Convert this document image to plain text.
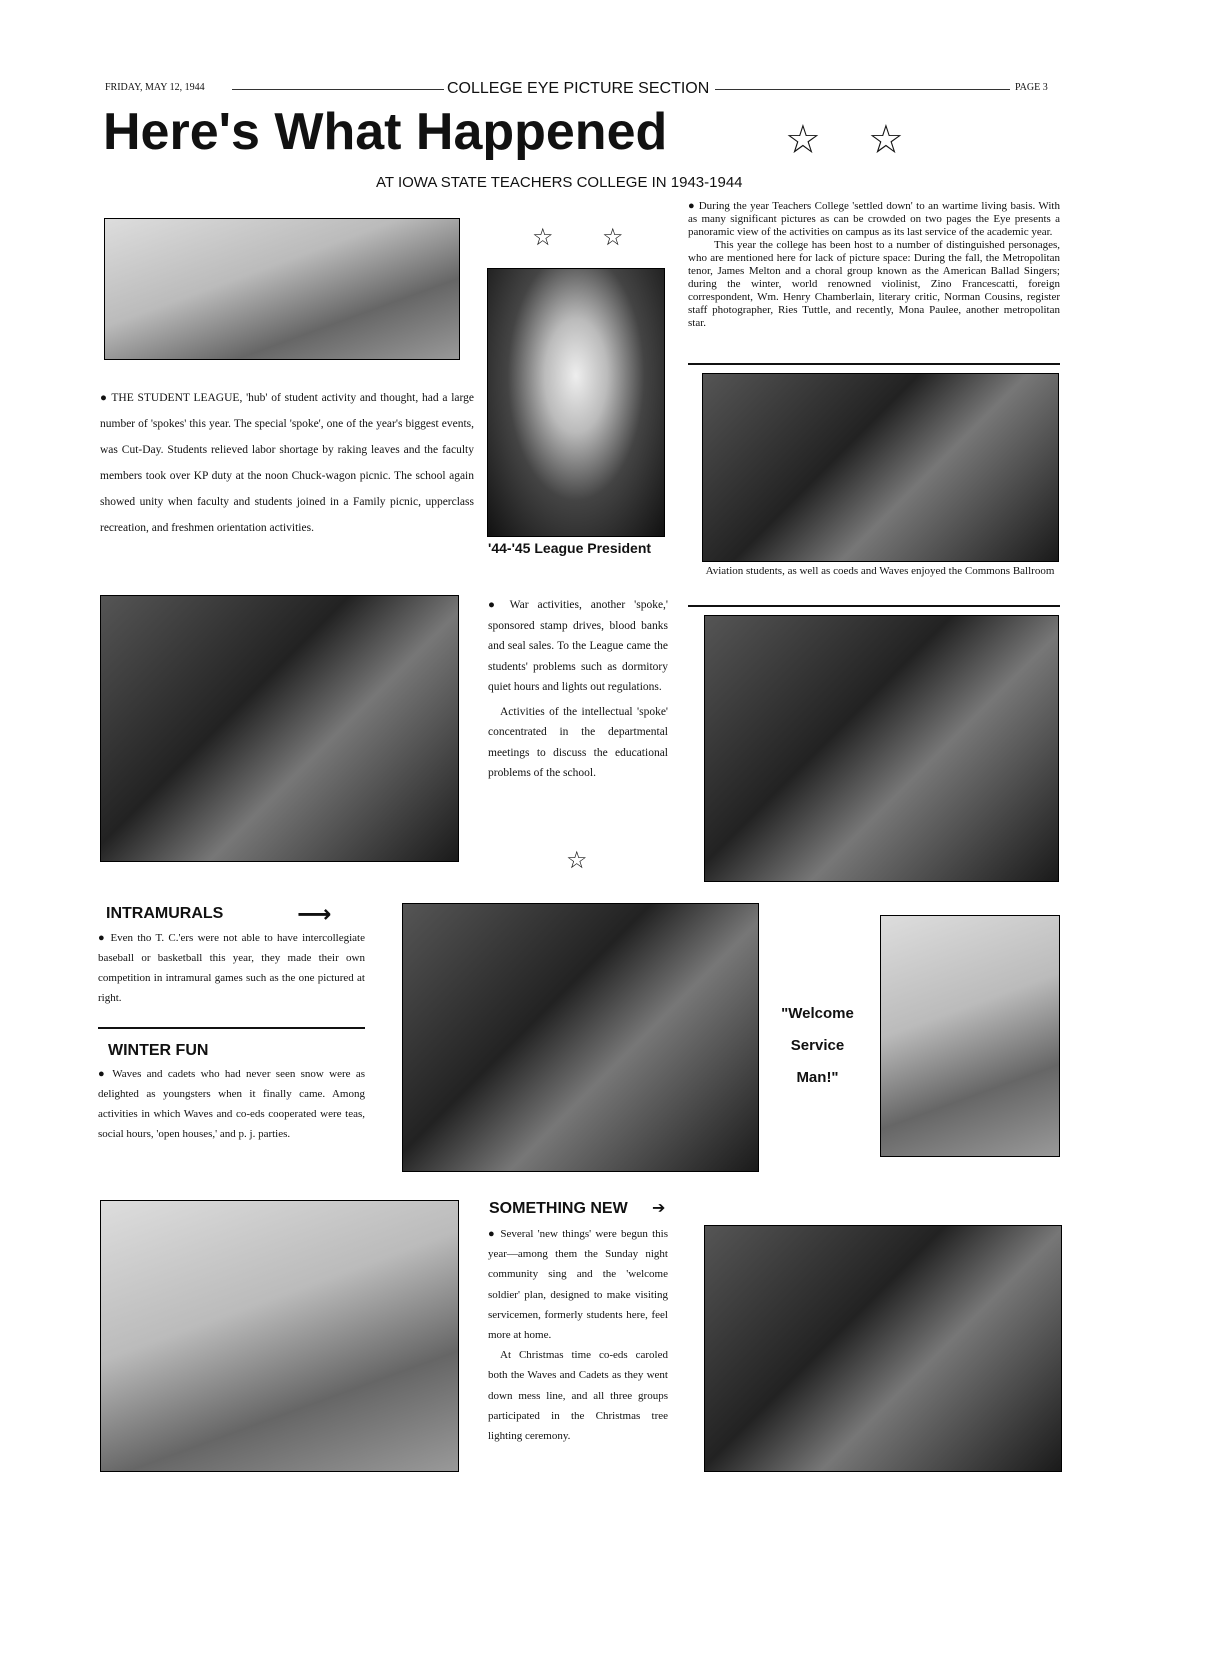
FRIDAY, MAY 12, 1944	COLLEGE EYE PICTURE SECTION	PAGE 3
Here's What Happened	☆ ☆
AT IOWA STATE TEACHERS COLLEGE IN 1943-1944
● THE STUDENT LEAGUE, 'hub' of student activity and thought, had a large number of 'spokes' this year. The special 'spoke', one of the year's biggest events, was Cut-Day. Students relieved labor shortage by raking leaves and the faculty members took over KP duty at the noon Chuck-wagon picnic. The school again showed unity when faculty and students joined in a Family picnic, upperclass recreation, and freshmen orientation activities.
☆ ☆
'44-'45 League President

● During the year Teachers College 'settled down' to an wartime living basis. With as many significant pictures as can be crowded on two pages the Eye presents a panoramic view of the activities on campus as its last service of the academic year.

This year the college has been host to a number of distinguished personages, who are mentioned here for lack of picture space: During the fall, the Metropolitan tenor, James Melton and a choral group known as the American Ballad Singers; during the winter, world renowned violinist, Zino Francescatti, foreign correspondent, Wm. Henry Chamberlain, literary critic, Norman Cousins, register staff photographer, Ries Tuttle, and recently, Mona Paulee, another metropolitan star.

Aviation students, as well as coeds and Waves enjoyed the Commons Ballroom

● War activities, another 'spoke,' sponsored stamp drives, blood banks and seal sales. To the League came the students' problems such as dormitory quiet hours and lights out regulations.

Activities of the intellectual 'spoke' concentrated in the departmental meetings to discuss the educational problems of the school.

☆
INTRAMURALS	⟶
● Even tho T. C.'ers were not able to have intercollegiate baseball or basketball this year, they made their own competition in intramural games such as the one pictured at right.
WINTER FUN
● Waves and cadets who had never seen snow were as delighted as youngsters when it finally came. Among activities in which Waves and co-eds cooperated were teas, social hours, 'open houses,' and p. j. parties.
"Welcome
Service
Man!"
SOMETHING NEW ➔

● Several 'new things' were begun this year—among them the Sunday night community sing and the 'welcome soldier' plan, designed to make visiting servicemen, formerly students here, feel more at home.

At Christmas time co-eds caroled both the Waves and Cadets as they went down mess line, and all three groups participated in the Christmas tree lighting ceremony.
